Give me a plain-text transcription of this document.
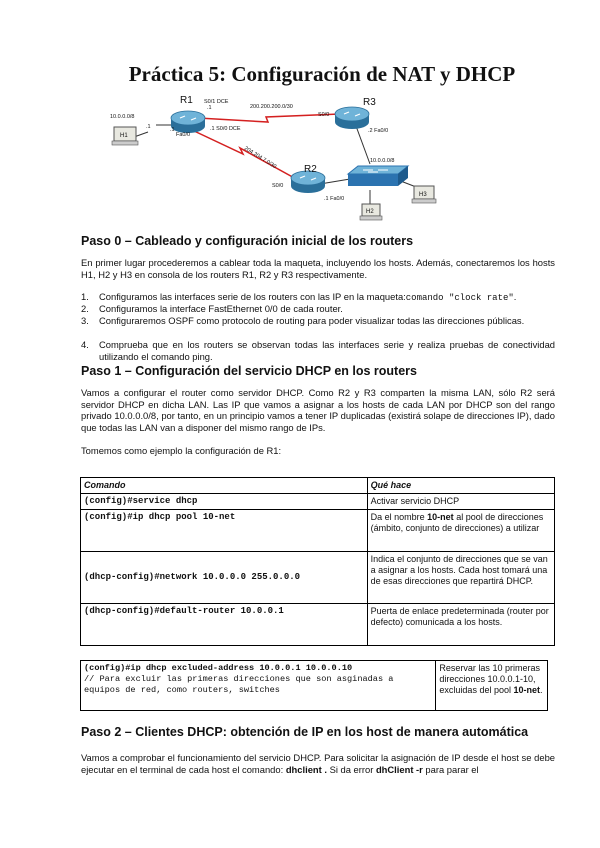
Práctica 5: Configuración de NAT y DHCP
R1	R3
R2
H1
H3
H2
10.0.0.0/8
.1
Fa0/0
.1
S0/1 DCE
.1
.1 S0/0 DCE
200.200.200.0/30
S0/0
.2 Fa0/0
204.204.7.0/30
S0/0
.1 Fa0/0
10.0.0.0/8
Paso 0 – Cableado y configuración inicial de los routers
En primer lugar procederemos a cablear toda la maqueta, incluyendo los hosts. Además, conectaremos los hosts H1, H2 y H3 en consola de los routers R1, R2 y R3 respectivamente.
1. Configuramos las interfaces serie de los routers con las IP en la maqueta:comando "clock rate".
2. Configuramos la interface FastEthernet 0/0 de cada router.
3. Configuraremos OSPF como protocolo de routing para poder visualizar todas las direcciones públicas.
4. Comprueba que en los routers se observan todas las interfaces serie y realiza pruebas de conectividad utilizando el comando ping.
Paso 1 – Configuración del servicio DHCP en los routers
Vamos a configurar el router como servidor DHCP. Como R2 y R3 comparten la misma LAN, sólo R2 será servidor DHCP en dicha LAN. Las IP que vamos a asignar a los hosts de cada LAN por DHCP son del rango privado 10.0.0.0/8, por tanto, en un principio vamos a tener IP duplicadas (existirá solape de direcciones IP), dado que todas las LAN van a disponer del mismo rango de IPs.
Tomemos como ejemplo la configuración de R1:
Comando	Qué hace
(config)#service dhcp	Activar servicio DHCP
(config)#ip dhcp pool 10-net	Da el nombre 10-net al pool de direcciones (ámbito, conjunto de direcciones) a utilizar
(dhcp-config)#network 10.0.0.0 255.0.0.0	Indica el conjunto de direcciones que se van a asignar a los hosts. Cada host tomará una de esas direcciones que repartirá DHCP.
(dhcp-config)#default-router 10.0.0.1	Puerta de enlace predeterminada (router por defecto) comunicada a los hosts.
(config)#ip dhcp excluded-address 10.0.0.1 10.0.0.10
// Para excluir las primeras direcciones que son asginadas a equipos de red, como routers, switches
	Reservar las 10 primeras direcciones 10.0.0.1-10, excluidas del pool 10-net.
Paso 2 – Clientes DHCP: obtención de IP en los host de manera automática
Vamos a comprobar el funcionamiento del servicio DHCP. Para solicitar la asignación de IP desde el host se debe ejecutar en el terminal de cada host el comando: dhclient . Si da error dhClient -r para parar el
